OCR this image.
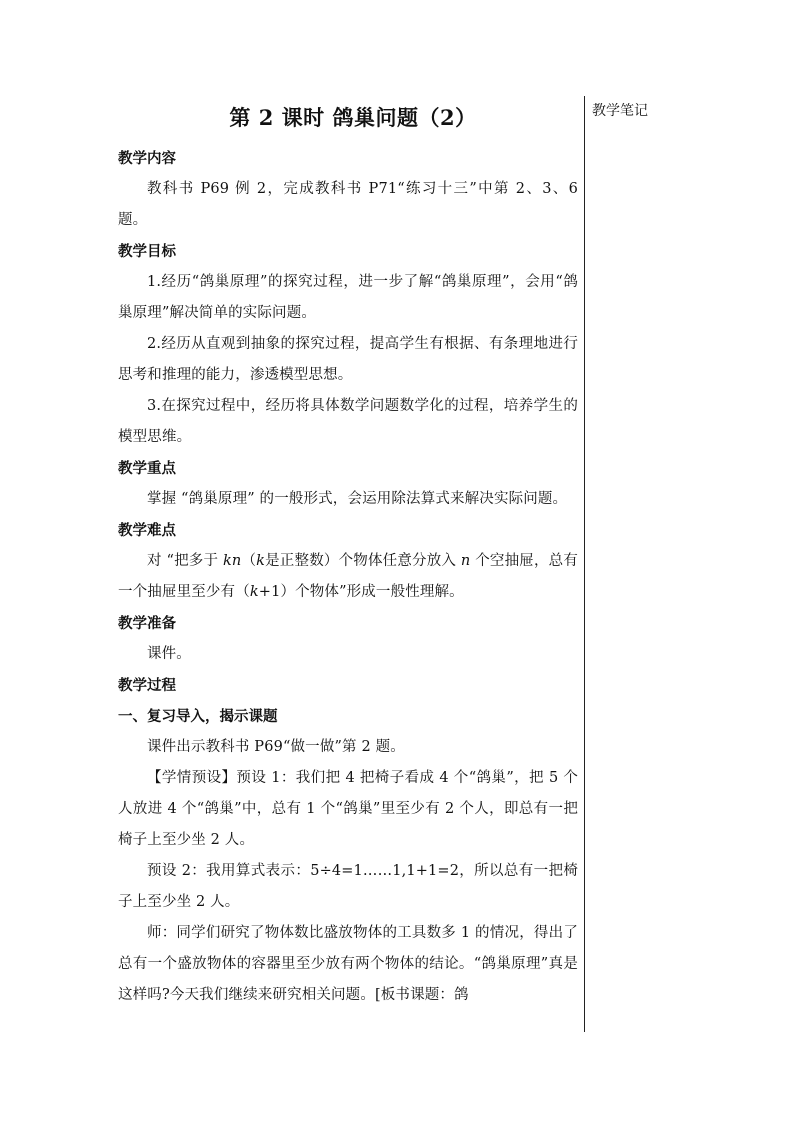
教学笔记
第 2 课时 鸽巢问题（2）
教学内容
教科书 P69 例 2，完成教科书 P71“练习十三”中第 2、3、6 题。
教学目标
1.经历“鸽巢原理”的探究过程，进一步了解“鸽巢原理”，会用“鸽巢原理”解决简单的实际问题。
2.经历从直观到抽象的探究过程，提高学生有根据、有条理地进行思考和推理的能力，渗透模型思想。
3.在探究过程中，经历将具体数学问题数学化的过程，培养学生的模型思维。
教学重点
掌握 “鸽巢原理” 的一般形式，会运用除法算式来解决实际问题。
教学难点
对 “把多于 kn（k是正整数）个物体任意分放入 n 个空抽屉，总有一个抽屉里至少有（k+1）个物体”形成一般性理解。
教学准备
课件。
教学过程
一、复习导入，揭示课题
课件出示教科书 P69“做一做”第 2 题。
【学情预设】预设 1：我们把 4 把椅子看成 4 个“鸽巢”，把 5 个人放进 4 个“鸽巢”中，总有 1 个“鸽巢”里至少有 2 个人，即总有一把椅子上至少坐 2 人。
预设 2：我用算式表示：5÷4=1……1,1+1=2，所以总有一把椅子上至少坐 2 人。
师：同学们研究了物体数比盛放物体的工具数多 1 的情况，得出了总有一个盛放物体的容器里至少放有两个物体的结论。“鸽巢原理”真是这样吗?今天我们继续来研究相关问题。[板书课题：鸽
